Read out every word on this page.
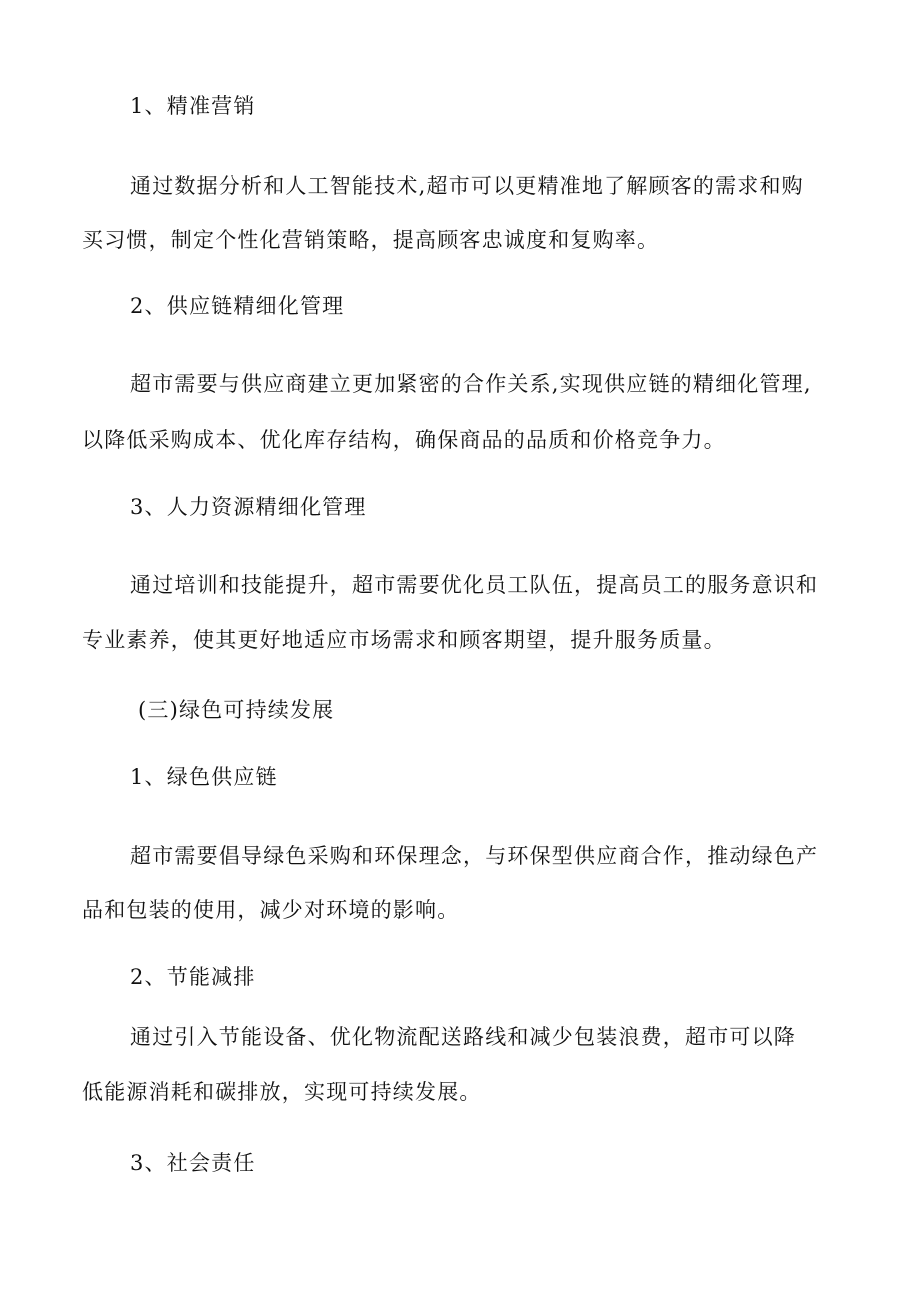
1、精准营销
通过数据分析和人工智能技术,超市可以更精准地了解顾客的需求和购
买习惯，制定个性化营销策略，提高顾客忠诚度和复购率。
2、供应链精细化管理
超市需要与供应商建立更加紧密的合作关系,实现供应链的精细化管理,
以降低采购成本、优化库存结构，确保商品的品质和价格竞争力。
3、人力资源精细化管理
通过培训和技能提升，超市需要优化员工队伍，提高员工的服务意识和
专业素养，使其更好地适应市场需求和顾客期望，提升服务质量。
(三)绿色可持续发展
1、绿色供应链
超市需要倡导绿色采购和环保理念，与环保型供应商合作，推动绿色产
品和包装的使用，减少对环境的影响。
2、节能减排
通过引入节能设备、优化物流配送路线和减少包装浪费，超市可以降
低能源消耗和碳排放，实现可持续发展。
3、社会责任
